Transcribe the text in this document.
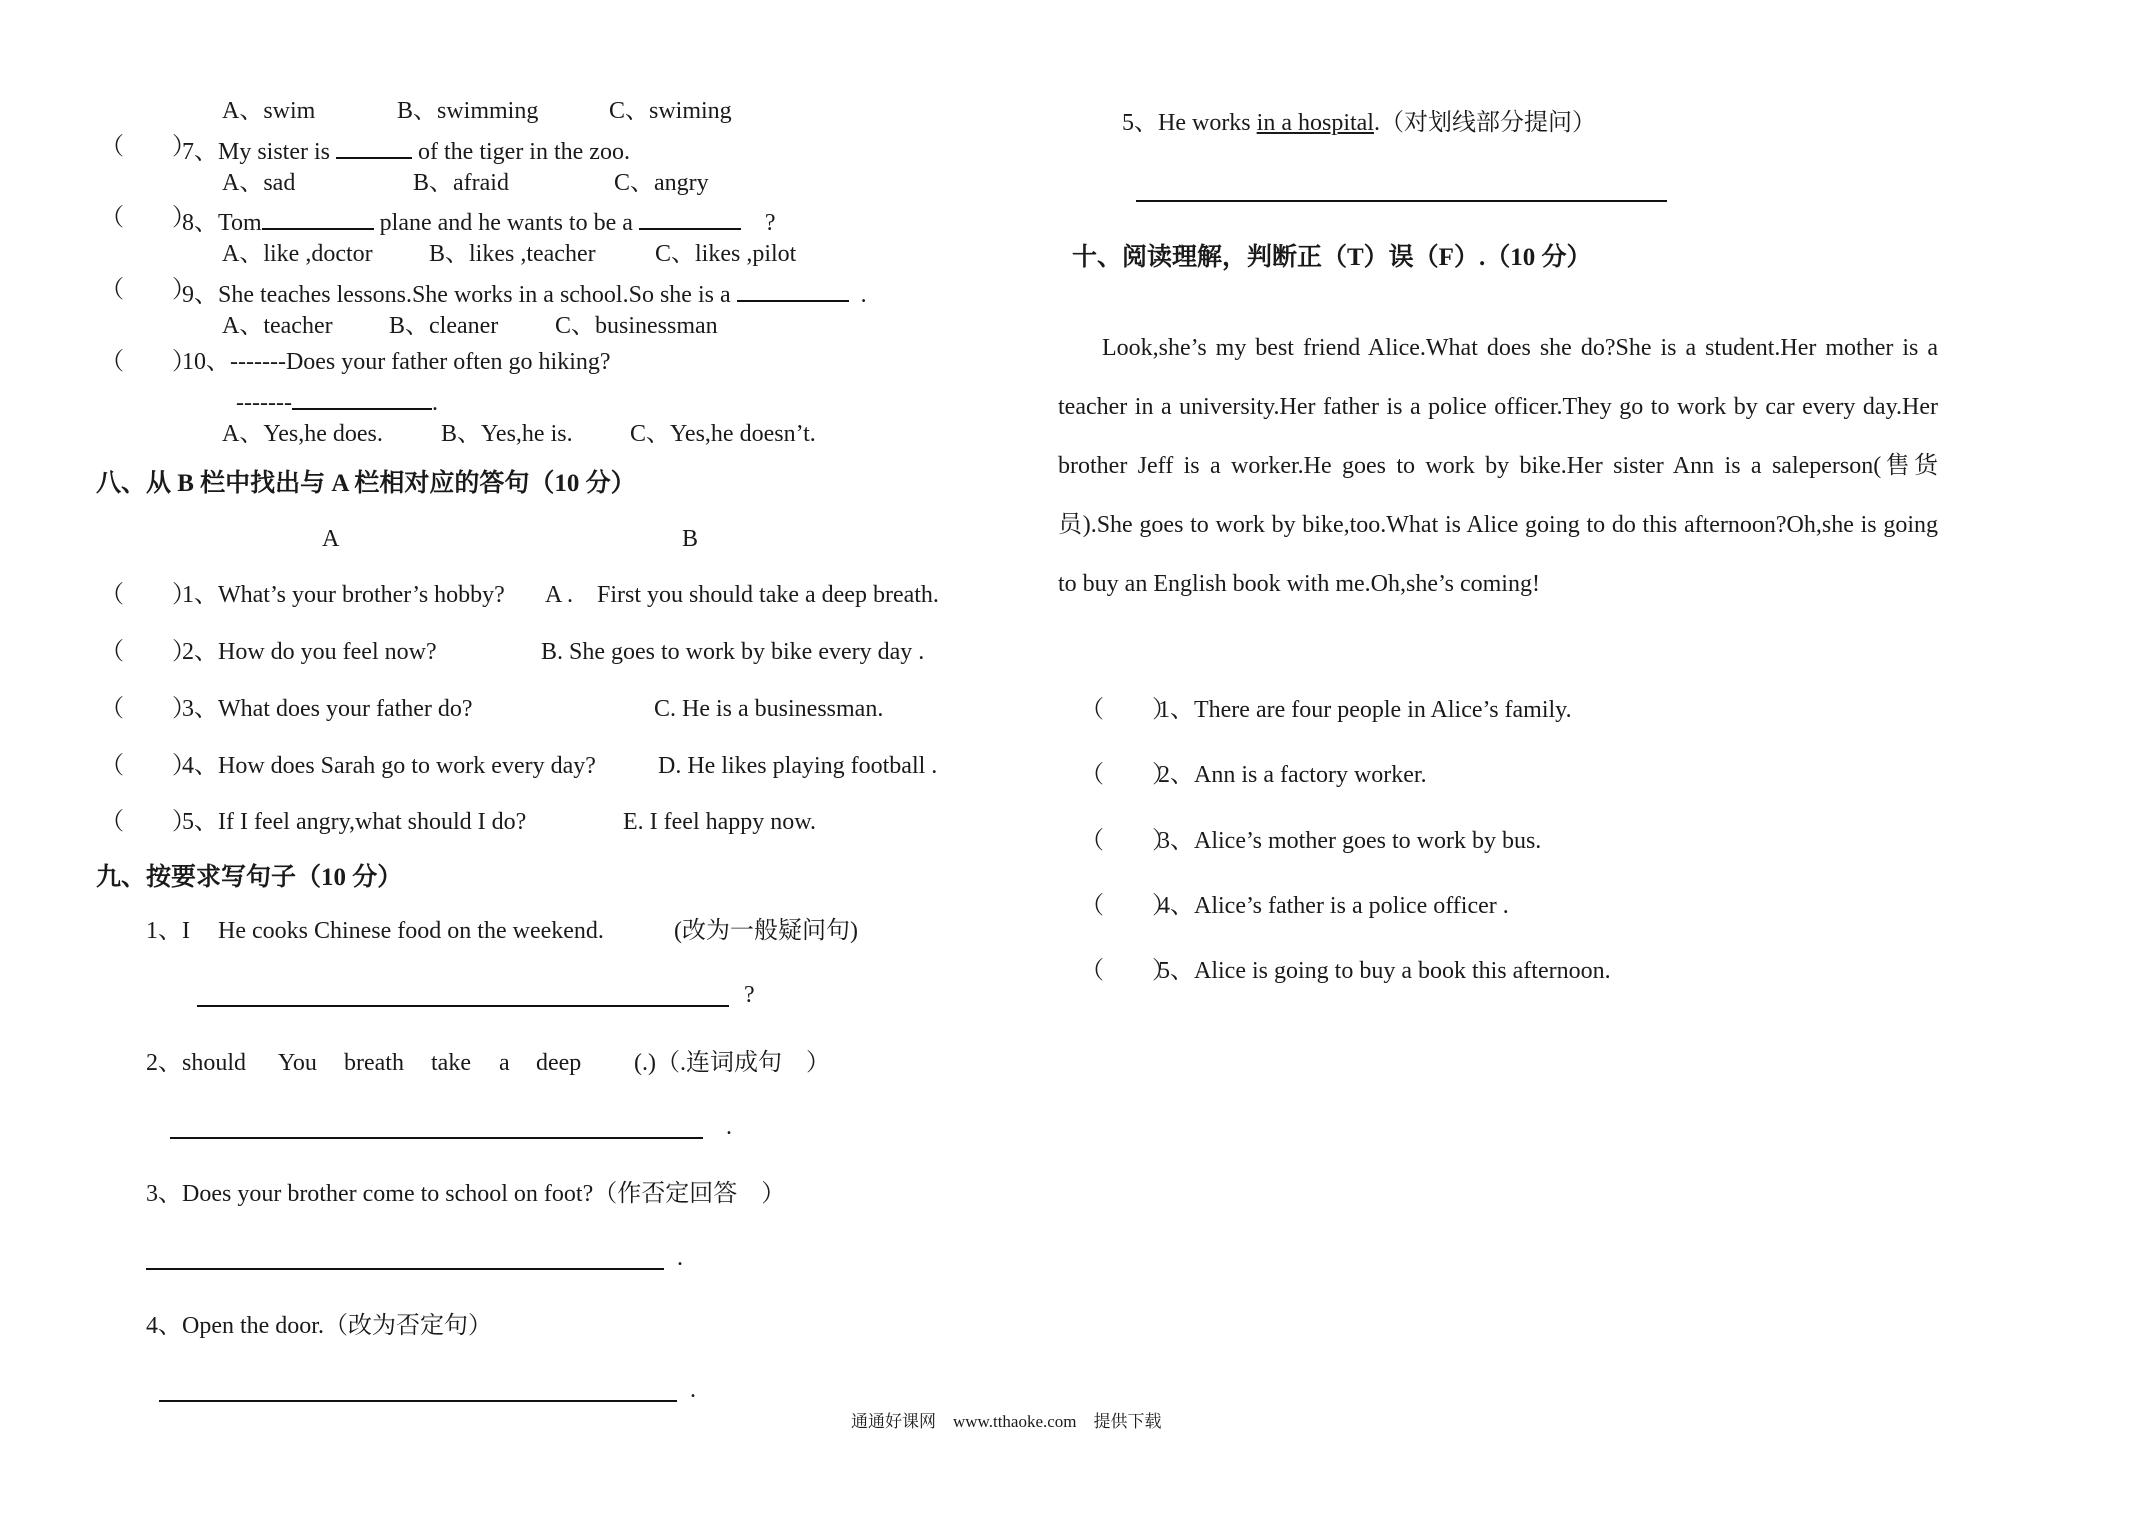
A、swim	B、swimming	C、swiming
（　　）
7、My sister is	of the tiger in the zoo.
A、sad	B、afraid	C、angry
（　　）
8、Tom	plane and he wants to be a	?
A、like ,doctor B、likes ,teacher C、likes ,pilot
（　　）
9、She teaches lessons.She works in a school.So she is a	.
A、teacher B、cleaner C、businessman
（　　）
10、-------Does your father often go hiking?
-------	.
A、Yes,he does. B、Yes,he is. C、Yes,he doesn’t.
八、从 B 栏中找出与 A 栏相对应的答句（10 分）
A	B
（　　）
1、What’s your brother’s hobby? A .　First you should take a deep breath.
（　　）
2、How do you feel now?	B. She goes to work by bike every day .
（　　）
3、What does your father do?	C. He is a businessman.
（　　）
4、How does Sarah go to work every day?	D. He likes playing football .
（　　）
5、If I feel angry,what should I do?	E. I feel happy now.
九、按要求写句子（10 分）
1、I He cooks Chinese food on the weekend.	(改为一般疑问句)
?
2、should You breath take a deep (.)（.连词成句　）
.
3、Does your brother come to school on foot?（作否定回答　）
.
4、Open the door.（改为否定句）
.
5、He works in a hospital.（对划线部分提问）
十、阅读理解，判断正（T）误（F）.（10 分）

Look,she’s my best friend Alice.What does she do?She is a student.Her mother is a teacher in a university.Her father is a police officer.They go to work by car every day.Her brother Jeff is a worker.He goes to work by bike.Her sister Ann is a saleperson(售货员).She goes to work by bike,too.What is Alice going to do this afternoon?Oh,she is going to buy an English book with me.Oh,she’s coming!

（　　）
1、There are four people in Alice’s family.
（　　）
2、Ann is a factory worker.
（　　）
3、Alice’s mother goes to work by bus.
（　　）
4、Alice’s father is a police officer .
（　　）
5、Alice is going to buy a book this afternoon.
通通好课网　www.tthaoke.com　提供下载
